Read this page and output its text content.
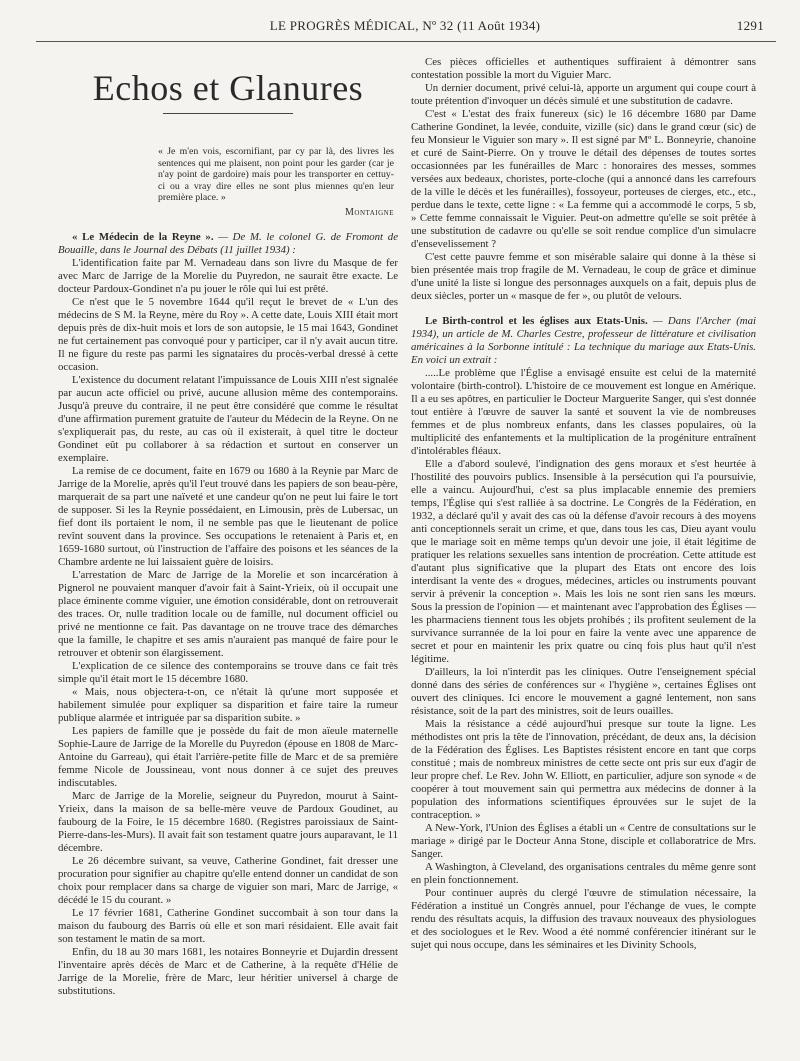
LE PROGRÈS MÉDICAL, Nº 32 (11 Août 1934)	1291
Echos et Glanures
« Je m'en vois, escornifiant, par cy par là, des livres les sentences qui me plaisent, non point pour les garder (car je n'ay point de gardoire) mais pour les transporter en cettuy-ci ou a vray dire elles ne sont plus miennes qu'en leur première place. »
Montaigne

« Le Médecin de la Reyne ». — De M. le colonel G. de Fromont de Bouaille, dans le Journal des Débats (11 juillet 1934) :

L'identification faite par M. Vernadeau dans son livre du Masque de fer avec Marc de Jarrige de la Morelie du Puyredon, ne saurait être exacte. Le docteur Pardoux-Gondinet n'a pu jouer le rôle qui lui est prêté.

Ce n'est que le 5 novembre 1644 qu'il reçut le brevet de « L'un des médecins de S M. la Reyne, mère du Roy ». A cette date, Louis XIII était mort depuis près de dix-huit mois et lors de son autopsie, le 15 mai 1643, Gondinet ne fut certainement pas convoqué pour y participer, car il n'y avait aucun titre. Il ne figure du reste pas parmi les signataires du procès-verbal dressé à cette occasion.

L'existence du document relatant l'impuissance de Louis XIII n'est signalée par aucun acte officiel ou privé, aucune allusion même des contemporains. Jusqu'à preuve du contraire, il ne peut être considéré que comme le résultat d'une affirmation purement gratuite de l'auteur du Médecin de la Reyne. On ne s'expliquerait pas, du reste, au cas où il existerait, à quel titre le docteur Gondinet eût pu collaborer à sa rédaction et surtout en conserver un exemplaire.

La remise de ce document, faite en 1679 ou 1680 à la Reynie par Marc de Jarrige de la Morelie, après qu'il l'eut trouvé dans les papiers de son beau-père, marquerait de sa part une naïveté et une candeur qu'on ne peut lui faire le tort de supposer. Si les la Reynie possédaient, en Limousin, près de Lubersac, un fief dont ils portaient le nom, il ne semble pas que le lieutenant de police revînt souvent dans la province. Ses occupations le retenaient à Paris et, en 1659-1680 surtout, où l'instruction de l'affaire des poisons et les séances de la Chambre ardente ne lui laissaient guère de loisirs.

L'arrestation de Marc de Jarrige de la Morelie et son incarcération à Pignerol ne pouvaient manquer d'avoir fait à Saint-Yrieix, où il occupait une place éminente comme viguier, une émotion considérable, dont on retrouverait des traces. Or, nulle tradition locale ou de famille, nul document officiel ou privé ne mentionne ce fait. Pas davantage on ne trouve trace des démarches que la famille, le chapitre et ses amis n'auraient pas manqué de faire pour le retrouver et obtenir son élargissement.

L'explication de ce silence des contemporains se trouve dans ce fait très simple qu'il était mort le 15 décembre 1680.

« Mais, nous objectera-t-on, ce n'était là qu'une mort supposée et habilement simulée pour expliquer sa disparition et faire taire la rumeur publique alarmée et intriguée par sa disparition subite. »

Les papiers de famille que je possède du fait de mon aïeule maternelle Sophie-Laure de Jarrige de la Morelle du Puyredon (épouse en 1808 de Marc-Antoine du Garreau), qui était l'arrière-petite fille de Marc et de sa première femme Nicole de Joussineau, vont nous donner à ce sujet des preuves indiscutables.

Marc de Jarrige de la Morelie, seigneur du Puyredon, mourut à Saint-Yrieix, dans la maison de sa belle-mère veuve de Pardoux Goudinet, au faubourg de la Foire, le 15 décembre 1680. (Registres paroissiaux de Saint-Pierre-dans-les-Murs). Il avait fait son testament quatre jours auparavant, le 11 décembre.

Le 26 décembre suivant, sa veuve, Catherine Gondinet, fait dresser une procuration pour signifier au chapitre qu'elle entend donner un candidat de son choix pour remplacer dans sa charge de viguier son mari, Marc de Jarrige, « décédé le 15 du courant. »

Le 17 février 1681, Catherine Gondinet succombait à son tour dans la maison du faubourg des Barris où elle et son mari résidaient. Elle avait fait son testament le matin de sa mort.

Enfin, du 18 au 30 mars 1681, les notaires Bonneyrie et Dujardin dressent l'inventaire après décès de Marc et de Catherine, à la requête d'Hélie de Jarrige de la Morelie, frère de Marc, leur héritier universel à charge de substitutions.

Ces pièces officielles et authentiques suffiraient à démontrer sans contestation possible la mort du Viguier Marc.

Un dernier document, privé celui-là, apporte un argument qui coupe court à toute prétention d'invoquer un décès simulé et une substitution de cadavre.

C'est « L'estat des fraix funereux (sic) le 16 décembre 1680 par Dame Catherine Gondinet, la levée, conduite, vizille (sic) dans le grand cœur (sic) de feu Monsieur le Viguier son mary ». Il est signé par Mº L. Bonneyrie, chanoine et curé de Saint-Pierre. On y trouve le détail des dépenses de toutes sortes occasionnées par les funérailles de Marc : honoraires des messes, sommes versées aux bedeaux, choristes, porte-cloche (qui a annoncé dans les carrefours de la ville le décès et les funérailles), fossoyeur, porteuses de cierges, etc., etc., perdue dans le texte, cette ligne : « La femme qui a accommodé le corps, 5 sb, » Cette femme connaissait le Viguier. Peut-on admettre qu'elle se soit prêtée à une substitution de cadavre ou qu'elle se soit rendue complice d'un simulacre d'ensevelissement ?

C'est cette pauvre femme et son misérable salaire qui donne à la thèse si bien présentée mais trop fragile de M. Vernadeau, le coup de grâce et diminue d'une unité la liste si longue des personnages auxquels on a fait, depuis plus de deux siècles, porter un « masque de fer », ou plutôt de velours.

Le Birth-control et les églises aux Etats-Unis. — Dans l'Archer (mai 1934), un article de M. Charles Cestre, professeur de littérature et civilisation américaines à la Sorbonne intitulé : La technique du mariage aux Etats-Unis. En voici un extrait :

.....Le problème que l'Église a envisagé ensuite est celui de la maternité volontaire (birth-control). L'histoire de ce mouvement est longue en Amérique. Il a eu ses apôtres, en particulier le Docteur Marguerite Sanger, qui s'est donnée tout entière à l'œuvre de sauver la santé et souvent la vie de nombreuses femmes et de plus nombreux enfants, dans les classes populaires, où la multiplicité des enfantements et la multiplication de la progéniture entraînent d'intolérables fléaux.

Elle a d'abord soulevé, l'indignation des gens moraux et s'est heurtée à l'hostilité des pouvoirs publics. Insensible à la persécution qui l'a poursuivie, elle a vaincu. Aujourd'hui, c'est sa plus implacable ennemie des premiers temps, l'Église qui s'est ralliée à sa doctrine. Le Congrès de la Fédération, en 1932, a déclaré qu'il y avait des cas où la défense d'avoir recours à des moyens anti conceptionnels serait un crime, et que, dans tous les cas, Dieu ayant voulu que le mariage soit en même temps qu'un devoir une joie, il était légitime de pratiquer les relations sexuelles sans intention de procréation. Cette attitude est d'autant plus significative que la plupart des Etats ont encore des lois interdisant la vente des « drogues, médecines, articles ou instruments pouvant servir à prévenir la conception ». Mais les lois ne sont rien sans les mœurs. Sous la pression de l'opinion — et maintenant avec l'approbation des Églises — les pharmaciens tiennent tous les objets prohibés ; ils profitent seulement de la survivance surrannée de la loi pour en faire la vente avec une apparence de secret et pour en maintenir les prix quatre ou cinq fois plus haut qu'il n'est légitime.

D'ailleurs, la loi n'interdit pas les cliniques. Outre l'enseignement spécial donné dans des séries de conférences sur « l'hygiène », certaines Églises ont ouvert des cliniques. Ici encore le mouvement a gagné lentement, non sans résistance, soit de la part des ministres, soit de leurs ouailles.

Mais la résistance a cédé aujourd'hui presque sur toute la ligne. Les méthodistes ont pris la tête de l'innovation, précédant, de deux ans, la décision de la Fédération des Églises. Les Baptistes résistent encore en tant que corps constitué ; mais de nombreux ministres de cette secte ont pris sur eux d'agir de leur propre chef. Le Rev. John W. Elliott, en particulier, adjure son synode « de coopérer à tout mouvement sain qui permettra aux médecins de donner à la population des informations scientifiques éprouvées sur le sujet de la contraception. »

A New-York, l'Union des Églises a établi un « Centre de consultations sur le mariage » dirigé par le Docteur Anna Stone, disciple et collaboratrice de Mrs. Sanger.

A Washington, à Cleveland, des organisations centrales du même genre sont en plein fonctionnement.

Pour continuer auprès du clergé l'œuvre de stimulation nécessaire, la Fédération a institué un Congrès annuel, pour l'échange de vues, le compte rendu des résultats acquis, la diffusion des travaux nouveaux des physiologues et des sociologues et le Rev. Wood a été nommé conférencier itinérant sur le sujet qui nous occupe, dans les séminaires et les Divinity Schools,
